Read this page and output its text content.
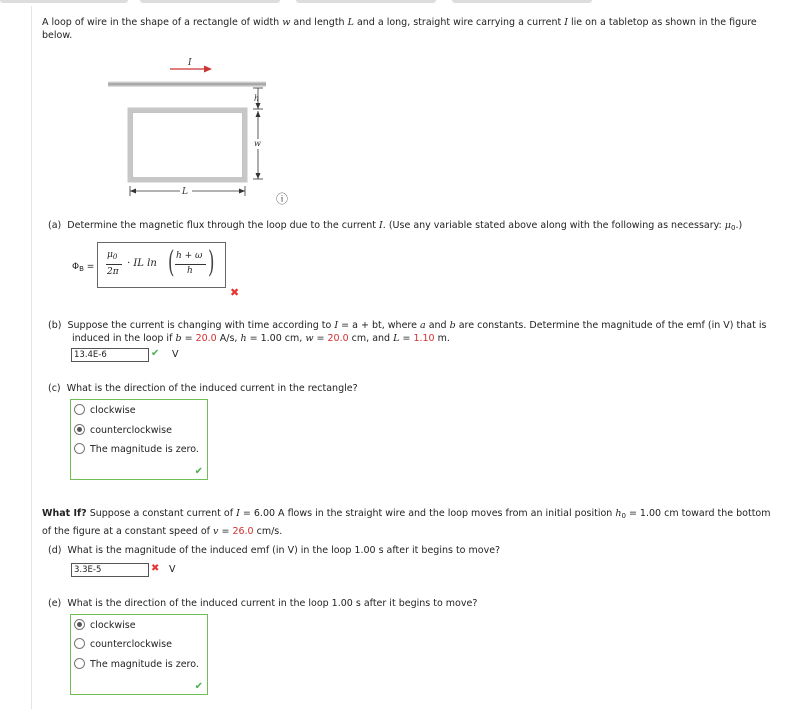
A loop of wire in the shape of a rectangle of width w and length L and a long, straight wire carrying a current I lie on a tabletop as shown in the figure below.
I
h
w
L	ⓘ
(a) Determine the magnetic flux through the loop due to the current I. (Use any variable stated above along with the following as necessary: $\mu_0$.)
$\Phi_B$ =
$\mu_0$
2π
· IL ln ( h + ω
h )
✖
(b) Suppose the current is changing with time according to I = a + bt, where a and b are constants. Determine the magnitude of the emf (in V) that is
induced in the loop if b = 20.0 A/s, h = 1.00 cm, w = 20.0 cm, and L = 1.10 m.
13.4E-6	✔ V
(c) What is the direction of the induced current in the rectangle?
clockwise
counterclockwise
The magnitude is zero.
✔
What If? Suppose a constant current of I = 6.00 A flows in the straight wire and the loop moves from an initial position $h_0 = 1.00$ cm toward the bottom
of the figure at a constant speed of v = 26.0 cm/s.
(d) What is the magnitude of the induced emf (in V) in the loop 1.00 s after it begins to move?
3.3E-5	✖ V
(e) What is the direction of the induced current in the loop 1.00 s after it begins to move?
clockwise
counterclockwise
The magnitude is zero.
✔
